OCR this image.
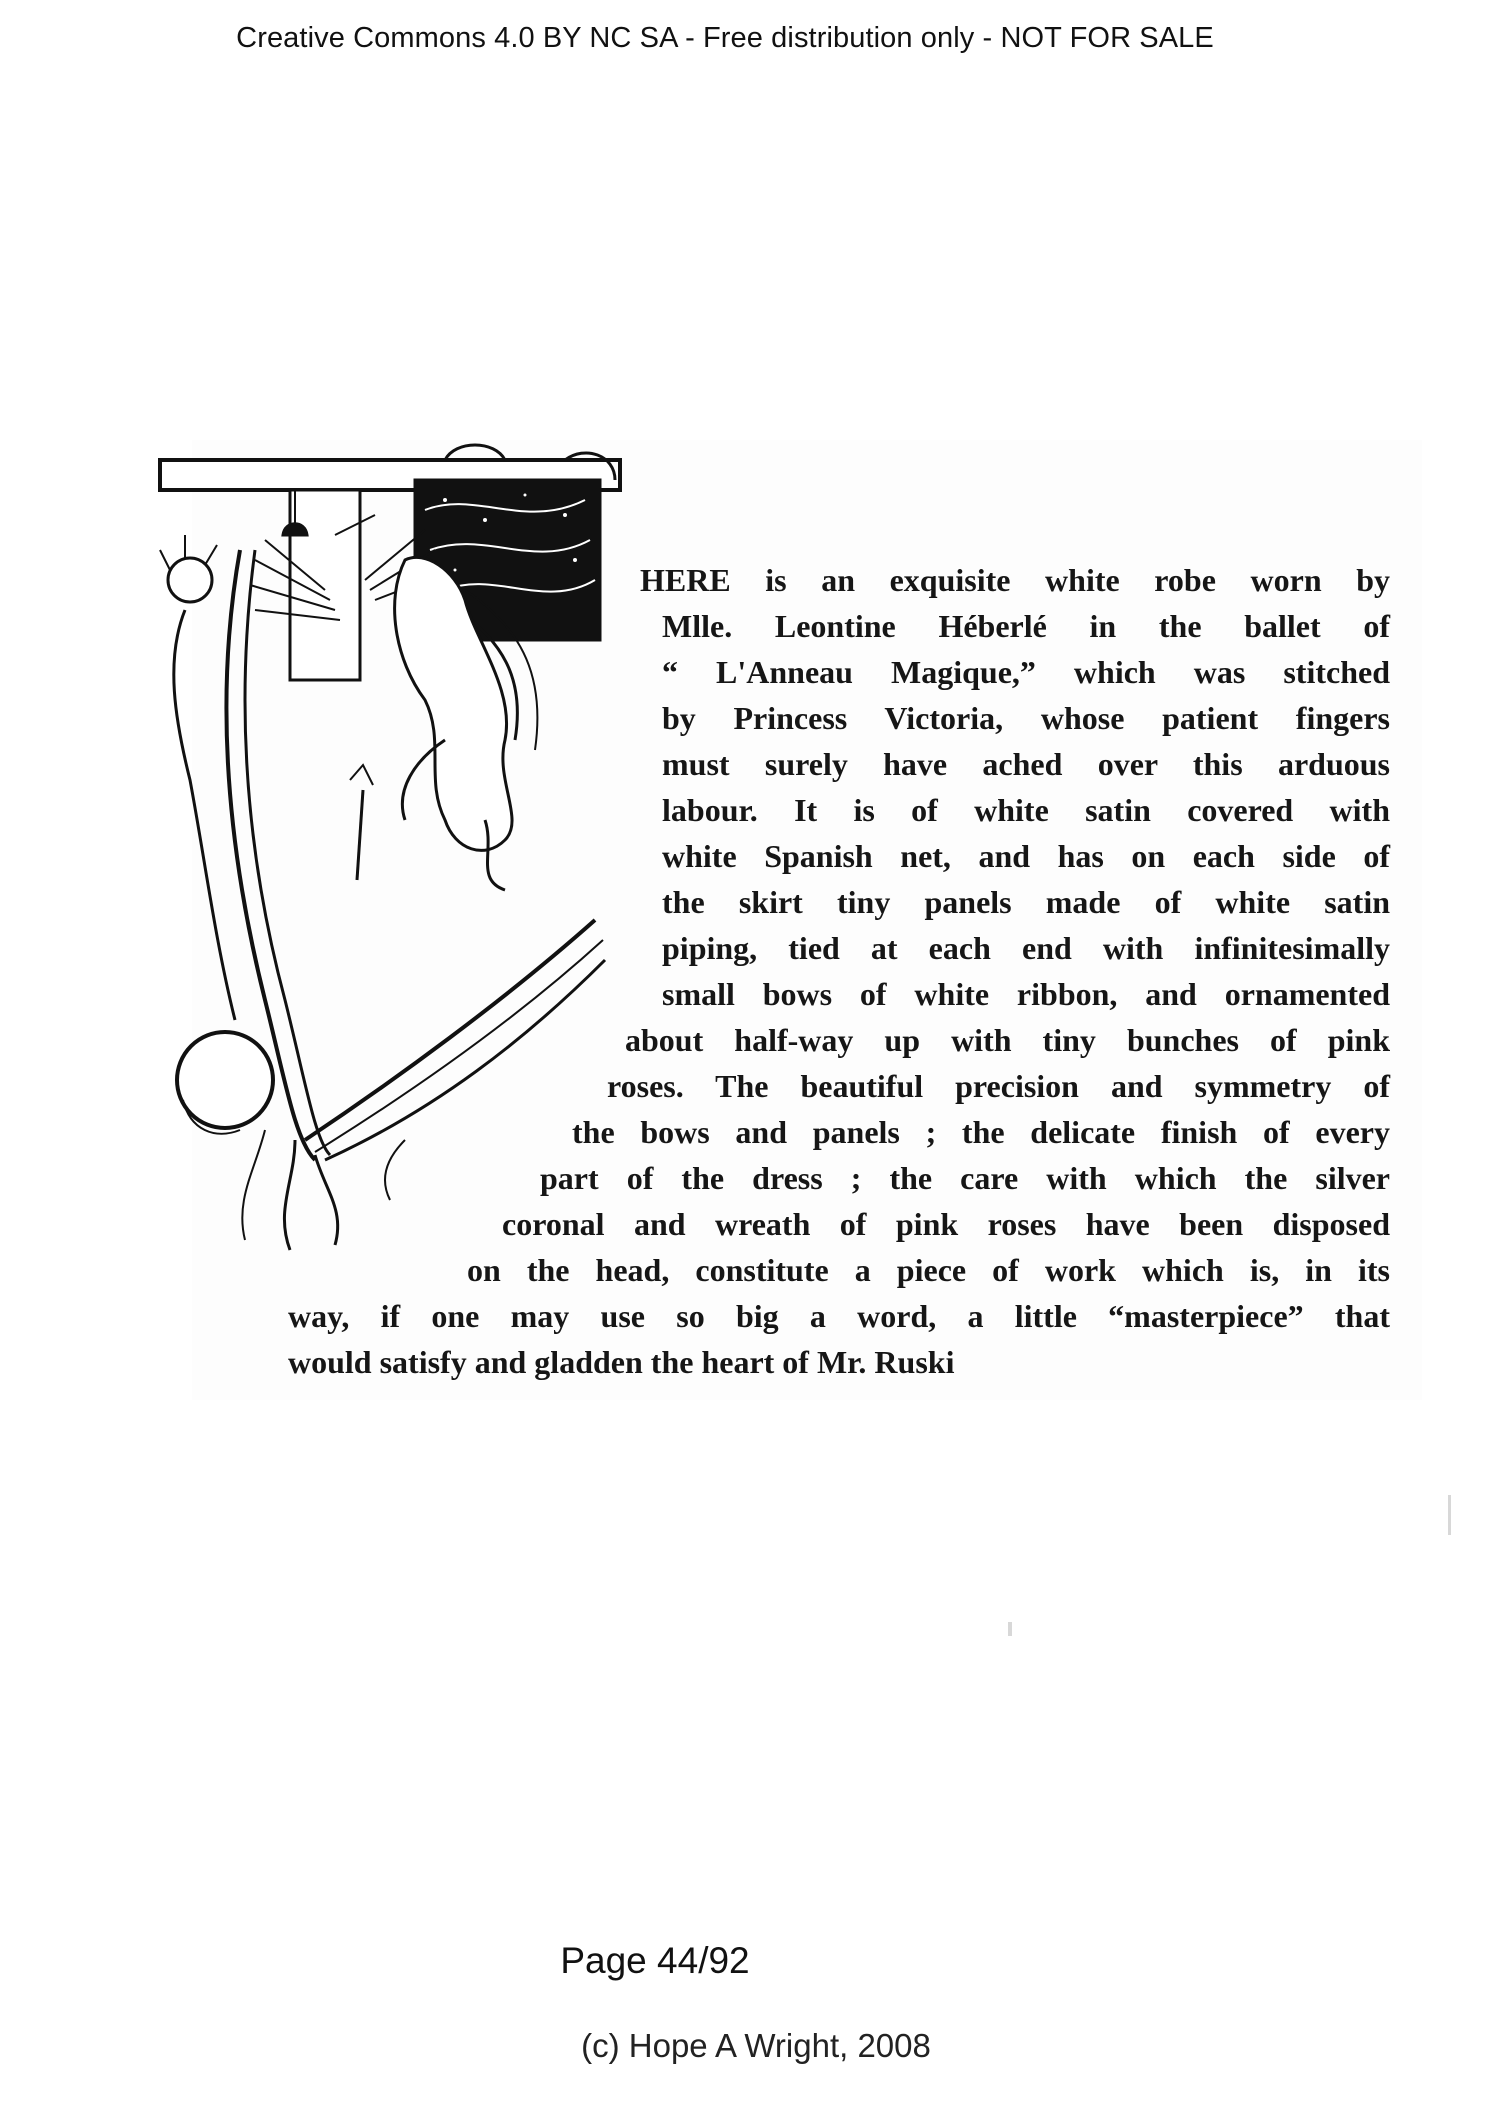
Creative Commons 4.0 BY NC SA - Free distribution only - NOT FOR SALE
HERE is an exquisite white robe worn by
Mlle. Leontine Héberlé in the ballet of
“ L'Anneau Magique,” which was stitched
by Princess Victoria, whose patient fingers
must surely have ached over this arduous
labour. It is of white satin covered with
white Spanish net, and has on each side of
the skirt tiny panels made of white satin
piping, tied at each end with infinitesimally
small bows of white ribbon, and ornamented
about half-way up with tiny bunches of pink
roses. The beautiful precision and symmetry of
the bows and panels ; the delicate finish of every
part of the dress ; the care with which the silver
coronal and wreath of pink roses have been disposed
on the head, constitute a piece of work which is, in its
way, if one may use so big a word, a little “masterpiece” that
would satisfy and gladden the heart of Mr. Ruski
Page 44/92
(c) Hope A Wright, 2008
